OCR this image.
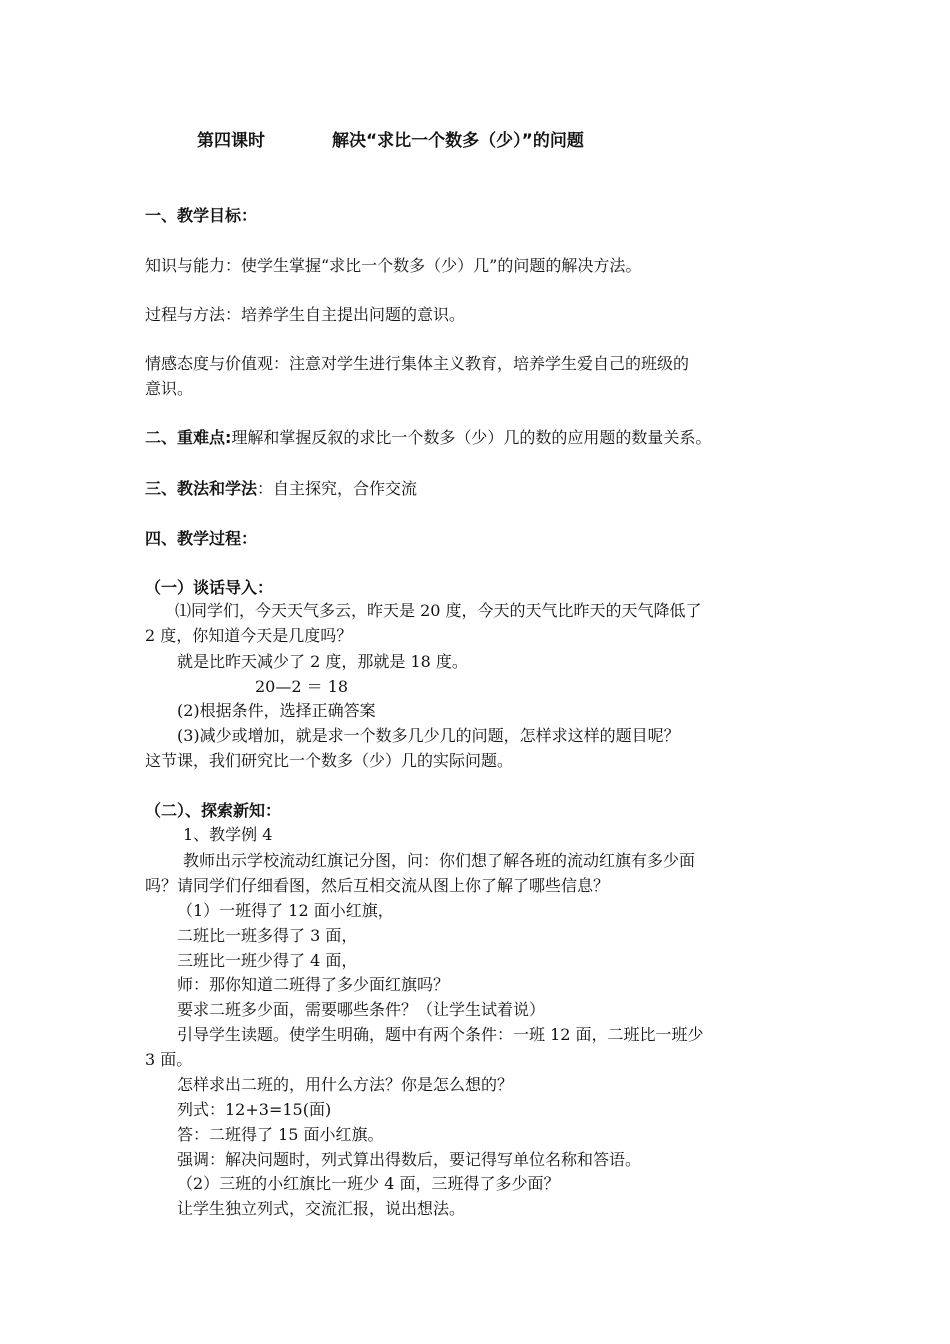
第四课时	解决“求比一个数多（少）”的问题
一、教学目标：
知识与能力：使学生掌握“求比一个数多（少）几”的问题的解决方法。
过程与方法：培养学生自主提出问题的意识。
情感态度与价值观：注意对学生进行集体主义教育，培养学生爱自己的班级的
意识。
二、重难点:理解和掌握反叙的求比一个数多（少）几的数的应用题的数量关系。
三、教法和学法：自主探究，合作交流
四、教学过程：
（一）谈话导入：
⑴同学们，今天天气多云，昨天是 20 度，今天的天气比昨天的天气降低了
2 度，你知道今天是几度吗？
就是比昨天减少了 2 度，那就是 18 度。
20—2 ＝ 18
(2)根据条件，选择正确答案
(3)减少或增加，就是求一个数多几少几的问题，怎样求这样的题目呢？
这节课，我们研究比一个数多（少）几的实际问题。
（二）、探索新知：
1、教学例 4
教师出示学校流动红旗记分图，问：你们想了解各班的流动红旗有多少面
吗？请同学们仔细看图，然后互相交流从图上你了解了哪些信息？
（1）一班得了 12 面小红旗，
二班比一班多得了 3 面，
三班比一班少得了 4 面，
师：那你知道二班得了多少面红旗吗？
要求二班多少面，需要哪些条件？（让学生试着说）
引导学生读题。使学生明确，题中有两个条件：一班 12 面，二班比一班少
3 面。
怎样求出二班的，用什么方法？你是怎么想的？
列式：12+3=15(面)
答：二班得了 15 面小红旗。
强调：解决问题时，列式算出得数后，要记得写单位名称和答语。
（2）三班的小红旗比一班少 4 面，三班得了多少面？
让学生独立列式，交流汇报，说出想法。
